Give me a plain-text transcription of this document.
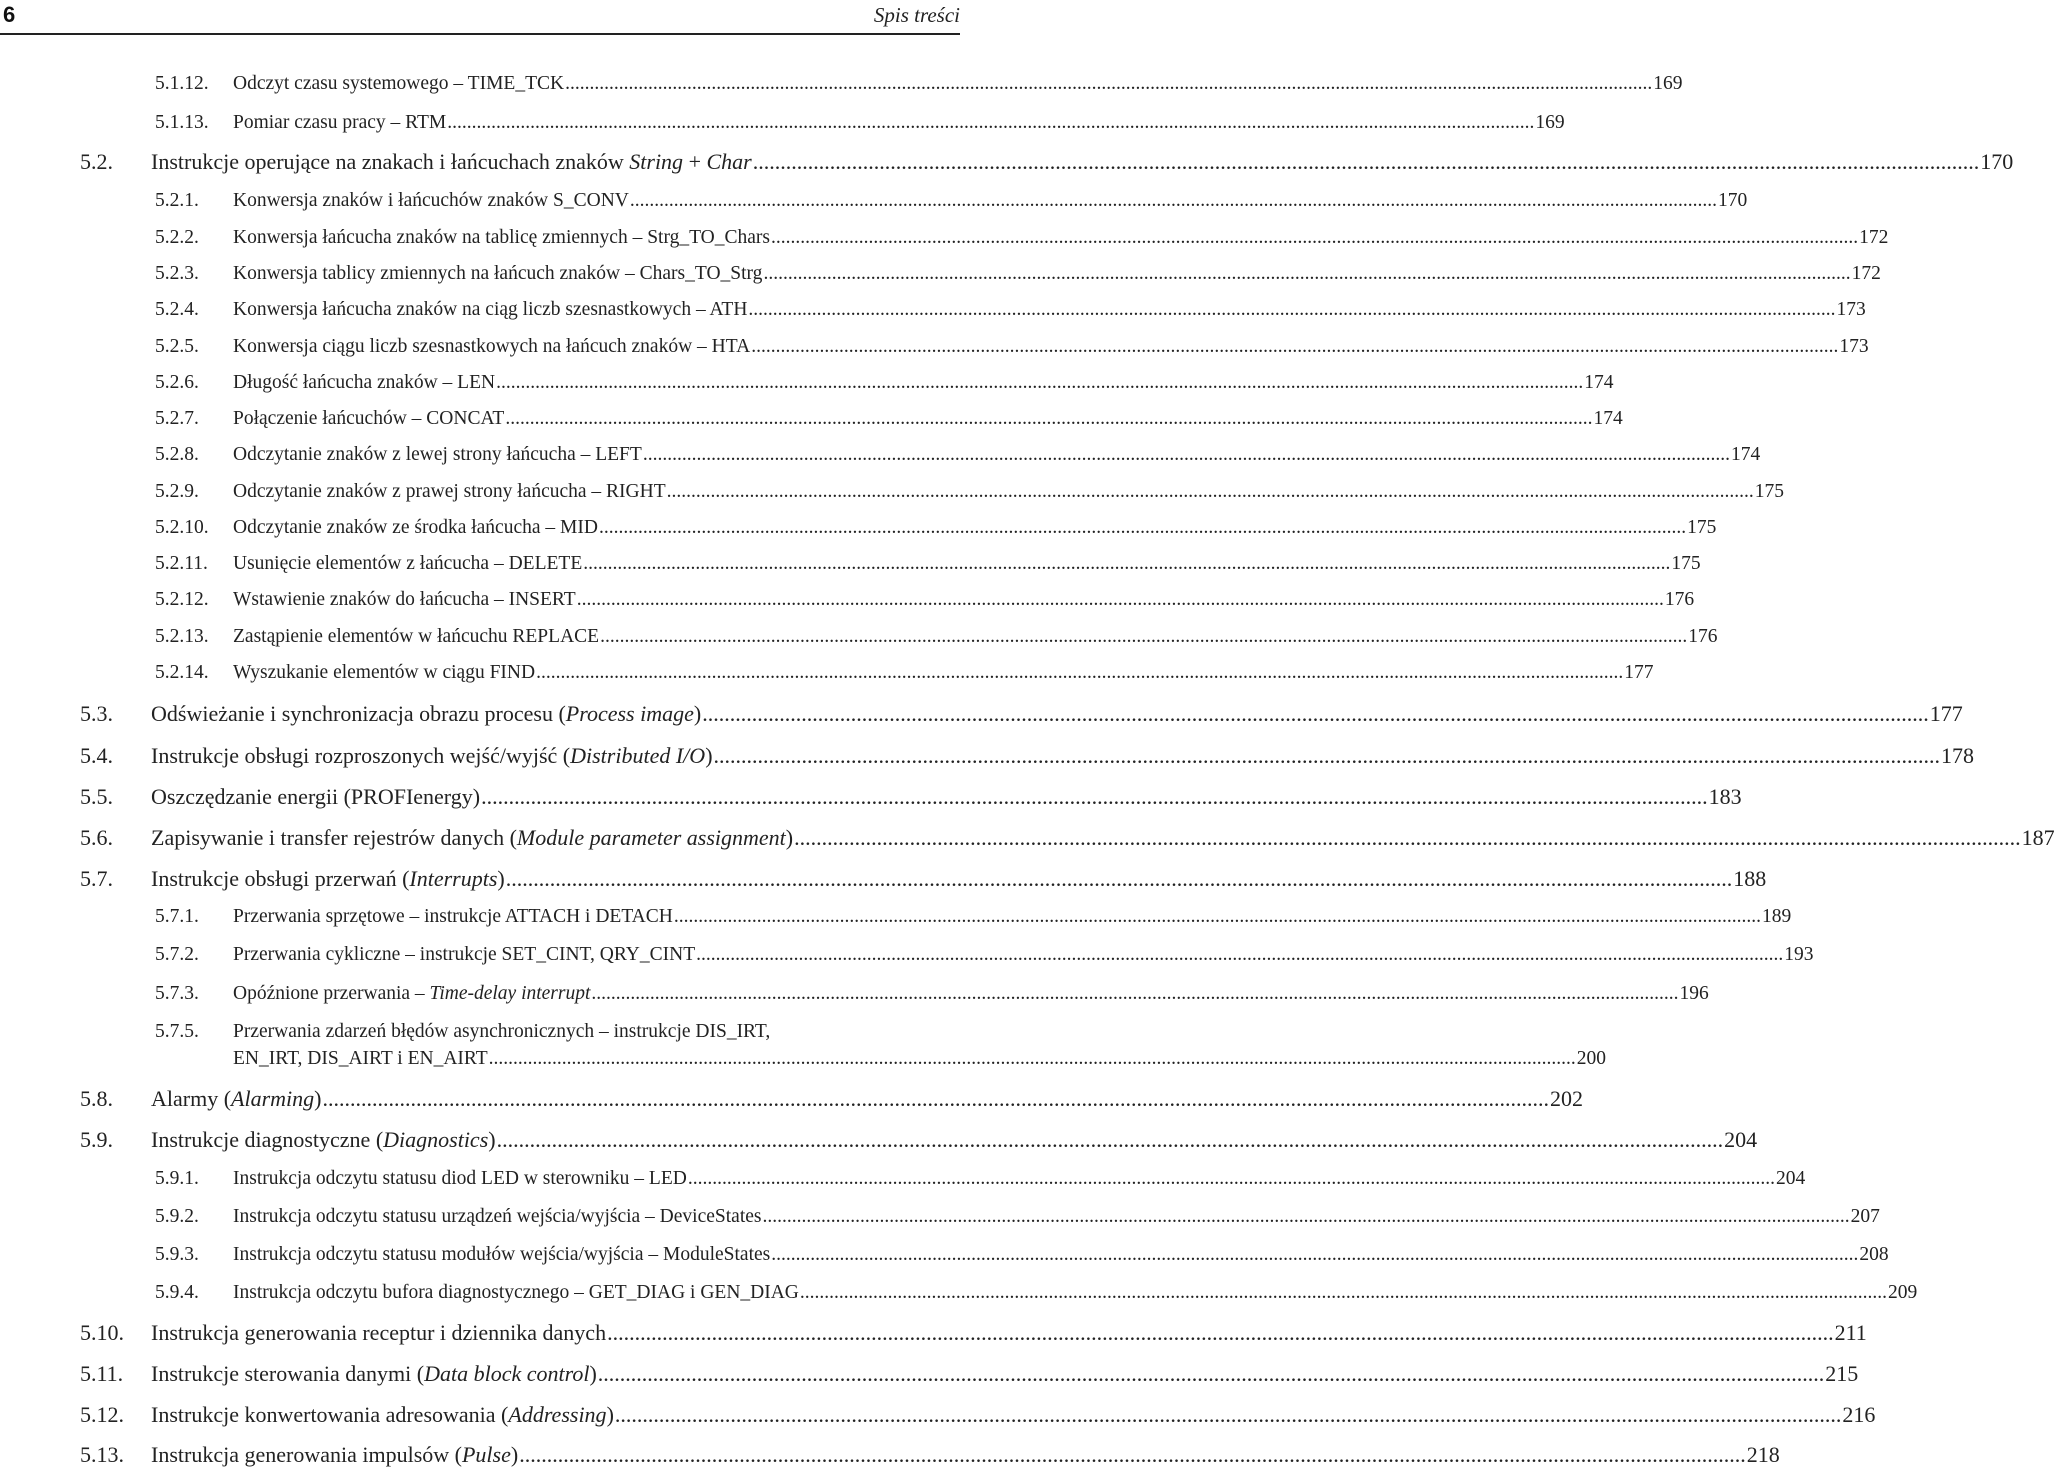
6	Spis treści
5.1.12.	Odczyt czasu systemowego – TIME_TCK .....	169
5.1.13.	Pomiar czasu pracy – RTM .....	169
5.2.	Instrukcje operujące na znakach i łańcuchach znaków String + Char .....	170
5.2.1.	Konwersja znaków i łańcuchów znaków S_CONV .....	170
5.2.2.	Konwersja łańcucha znaków na tablicę zmiennych – Strg_TO_Chars .....	172
5.2.3.	Konwersja tablicy zmiennych na łańcuch znaków – Chars_TO_Strg .....	172
5.2.4.	Konwersja łańcucha znaków na ciąg liczb szesnastkowych – ATH .....	173
5.2.5.	Konwersja ciągu liczb szesnastkowych na łańcuch znaków – HTA .....	173
5.2.6.	Długość łańcucha znaków – LEN .....	174
5.2.7.	Połączenie łańcuchów – CONCAT .....	174
5.2.8.	Odczytanie znaków z lewej strony łańcucha – LEFT .....	174
5.2.9.	Odczytanie znaków z prawej strony łańcucha – RIGHT .....	175
5.2.10.	Odczytanie znaków ze środka łańcucha – MID .....	175
5.2.11.	Usunięcie elementów z łańcucha – DELETE .....	175
5.2.12.	Wstawienie znaków do łańcucha – INSERT .....	176
5.2.13.	Zastąpienie elementów w łańcuchu REPLACE .....	176
5.2.14.	Wyszukanie elementów w ciągu FIND .....	177
5.3.	Odświeżanie i synchronizacja obrazu procesu (Process image) .....	177
5.4.	Instrukcje obsługi rozproszonych wejść/wyjść (Distributed I/O) .....	178
5.5.	Oszczędzanie energii (PROFIenergy) .....	183
5.6.	Zapisywanie i transfer rejestrów danych (Module parameter assignment) .....	187
5.7.	Instrukcje obsługi przerwań (Interrupts) .....	188
5.7.1.	Przerwania sprzętowe – instrukcje ATTACH i DETACH .....	189
5.7.2.	Przerwania cykliczne – instrukcje SET_CINT, QRY_CINT .....	193
5.7.3.	Opóźnione przerwania – Time-delay interrupt .....	196
5.7.5.	Przerwania zdarzeń błędów asynchronicznych – instrukcje DIS_IRT,
EN_IRT, DIS_AIRT i EN_AIRT .....	200
5.8.	Alarmy (Alarming) .....	202
5.9.	Instrukcje diagnostyczne (Diagnostics) .....	204
5.9.1.	Instrukcja odczytu statusu diod LED w sterowniku – LED .....	204
5.9.2.	Instrukcja odczytu statusu urządzeń wejścia/wyjścia – DeviceStates .....	207
5.9.3.	Instrukcja odczytu statusu modułów wejścia/wyjścia – ModuleStates .....	208
5.9.4.	Instrukcja odczytu bufora diagnostycznego – GET_DIAG i GEN_DIAG .....	209
5.10.	Instrukcja generowania receptur i dziennika danych .....	211
5.11.	Instrukcje sterowania danymi (Data block control) .....	215
5.12.	Instrukcje konwertowania adresowania (Addressing) .....	216
5.13.	Instrukcja generowania impulsów (Pulse) .....	218
